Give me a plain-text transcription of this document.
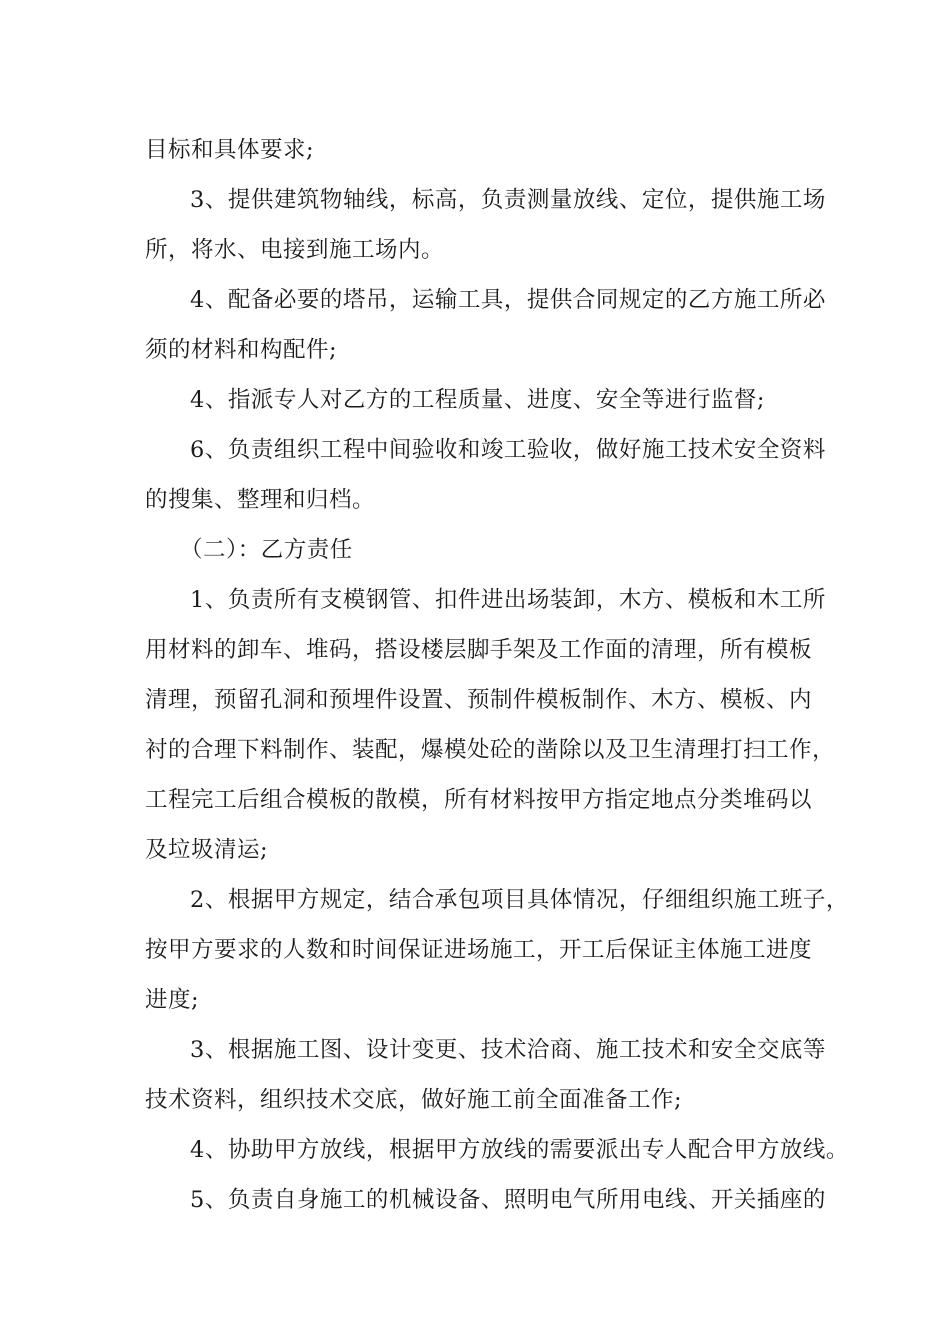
目标和具体要求;
3、提供建筑物轴线，标高，负责测量放线、定位，提供施工场
所，将水、电接到施工场内。
4、配备必要的塔吊，运输工具，提供合同规定的乙方施工所必
须的材料和构配件;
4、指派专人对乙方的工程质量、进度、安全等进行监督;
6、负责组织工程中间验收和竣工验收，做好施工技术安全资料
的搜集、整理和归档。
（二）：乙方责任
1、负责所有支模钢管、扣件进出场装卸，木方、模板和木工所
用材料的卸车、堆码，搭设楼层脚手架及工作面的清理，所有模板
清理，预留孔洞和预埋件设置、预制件模板制作、木方、模板、内
衬的合理下料制作、装配，爆模处砼的凿除以及卫生清理打扫工作，
工程完工后组合模板的散模，所有材料按甲方指定地点分类堆码以
及垃圾清运;
2、根据甲方规定，结合承包项目具体情况，仔细组织施工班子，
按甲方要求的人数和时间保证进场施工，开工后保证主体施工进度
进度;
3、根据施工图、设计变更、技术洽商、施工技术和安全交底等
技术资料，组织技术交底，做好施工前全面准备工作;
4、协助甲方放线，根据甲方放线的需要派出专人配合甲方放线。
5、负责自身施工的机械设备、照明电气所用电线、开关插座的
